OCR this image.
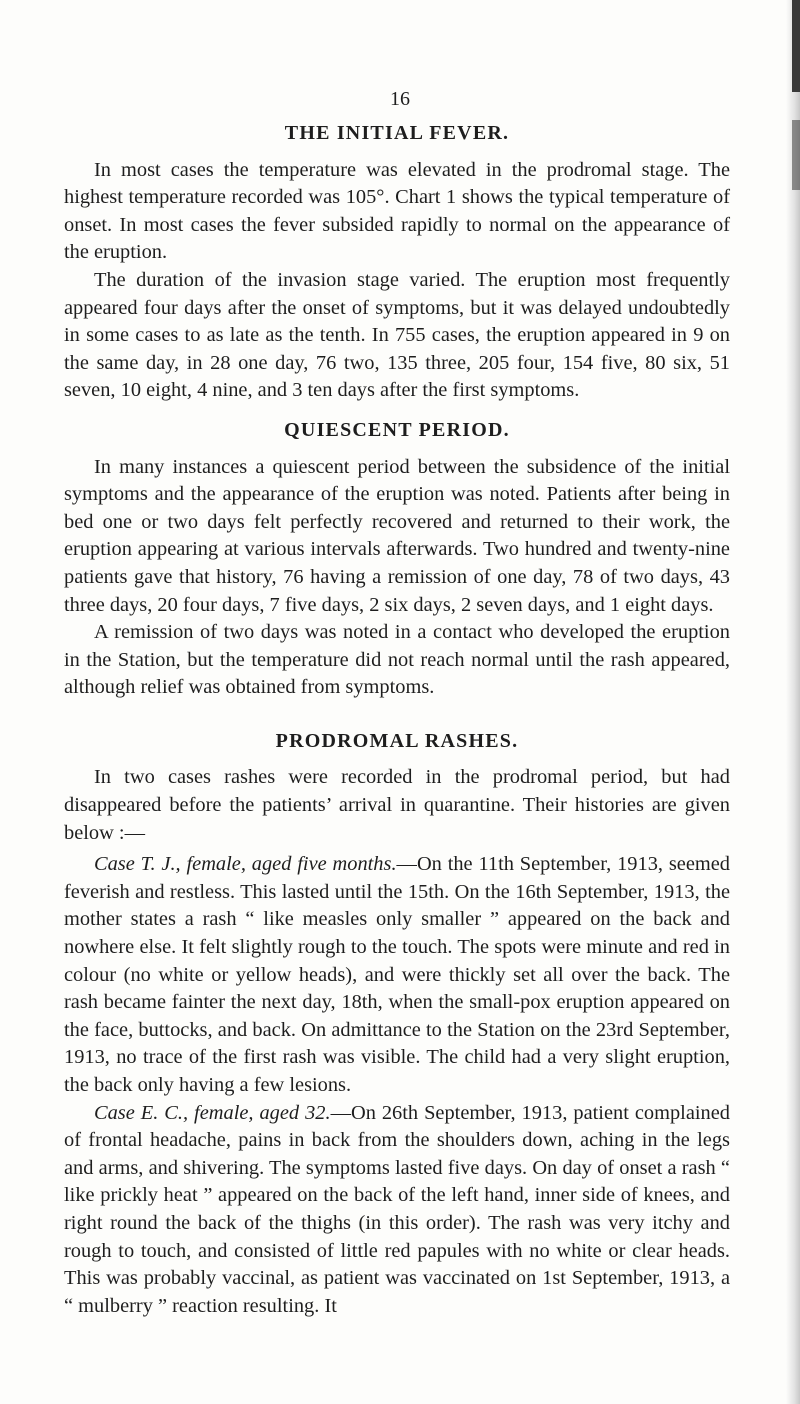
16
THE INITIAL FEVER.

In most cases the temperature was elevated in the prodromal stage. The highest temperature recorded was 105°. Chart 1 shows the typical temperature of onset. In most cases the fever subsided rapidly to normal on the appearance of the eruption.

The duration of the invasion stage varied. The eruption most frequently appeared four days after the onset of symptoms, but it was delayed undoubtedly in some cases to as late as the tenth. In 755 cases, the eruption appeared in 9 on the same day, in 28 one day, 76 two, 135 three, 205 four, 154 five, 80 six, 51 seven, 10 eight, 4 nine, and 3 ten days after the first symptoms.

QUIESCENT PERIOD.

In many instances a quiescent period between the subsidence of the initial symptoms and the appearance of the eruption was noted. Patients after being in bed one or two days felt perfectly recovered and returned to their work, the eruption appearing at various intervals afterwards. Two hundred and twenty-nine patients gave that history, 76 having a remission of one day, 78 of two days, 43 three days, 20 four days, 7 five days, 2 six days, 2 seven days, and 1 eight days.

A remission of two days was noted in a contact who developed the eruption in the Station, but the temperature did not reach normal until the rash appeared, although relief was obtained from symptoms.

PRODROMAL RASHES.

In two cases rashes were recorded in the prodromal period, but had disappeared before the patients’ arrival in quarantine. Their histories are given below :—

Case T. J., female, aged five months.—On the 11th September, 1913, seemed feverish and restless. This lasted until the 15th. On the 16th September, 1913, the mother states a rash “ like measles only smaller ” appeared on the back and nowhere else. It felt slightly rough to the touch. The spots were minute and red in colour (no white or yellow heads), and were thickly set all over the back. The rash became fainter the next day, 18th, when the small-pox eruption appeared on the face, buttocks, and back. On admittance to the Station on the 23rd September, 1913, no trace of the first rash was visible. The child had a very slight eruption, the back only having a few lesions.

Case E. C., female, aged 32.—On 26th September, 1913, patient complained of frontal headache, pains in back from the shoulders down, aching in the legs and arms, and shivering. The symptoms lasted five days. On day of onset a rash “ like prickly heat ” appeared on the back of the left hand, inner side of knees, and right round the back of the thighs (in this order). The rash was very itchy and rough to touch, and consisted of little red papules with no white or clear heads. This was probably vaccinal, as patient was vaccinated on 1st September, 1913, a “ mulberry ” reaction resulting. It
